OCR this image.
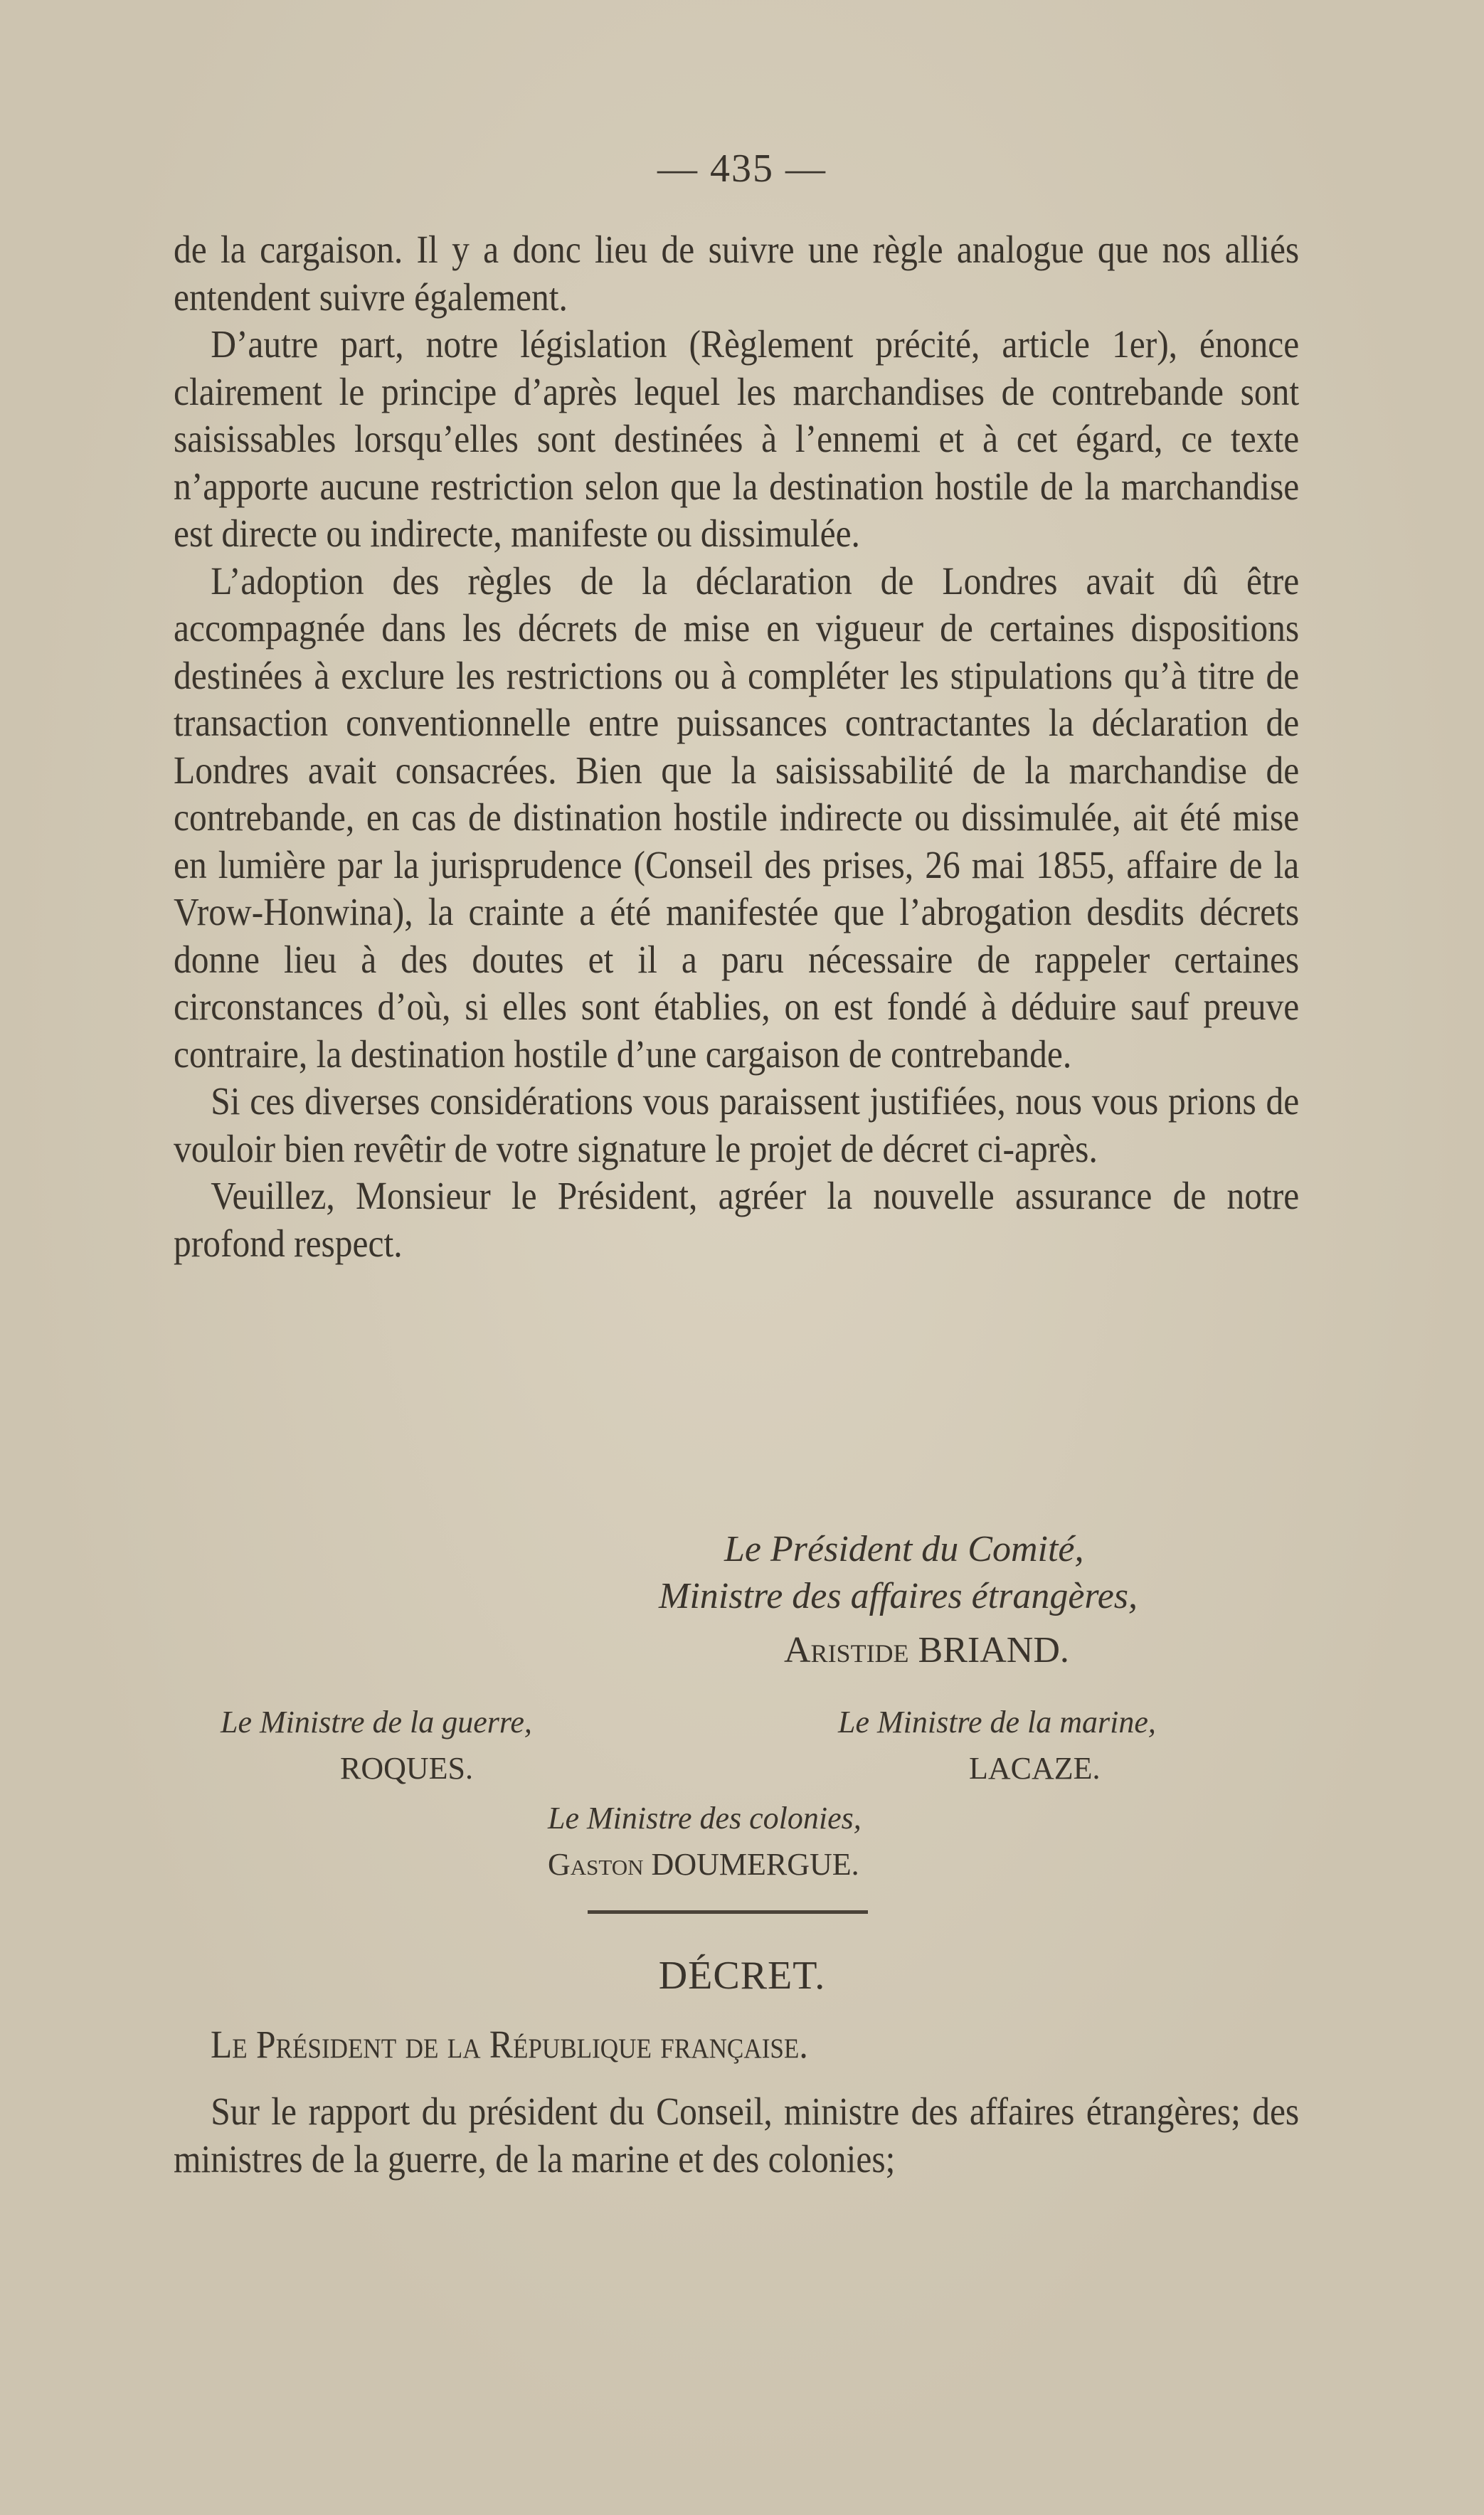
— 435 —

de la cargaison. Il y a donc lieu de suivre une règle analogue que nos alliés entendent suivre également.

D’autre part, notre législation (Règlement précité, article 1er), énonce clairement le principe d’après lequel les marchandises de contrebande sont saisissables lorsqu’elles sont destinées à l’ennemi et à cet égard, ce texte n’apporte aucune restriction selon que la destination hostile de la marchandise est directe ou indirecte, manifeste ou dissimulée.

L’adoption des règles de la déclaration de Londres avait dû être accompagnée dans les décrets de mise en vigueur de certaines dispositions destinées à exclure les restrictions ou à compléter les stipulations qu’à titre de transaction conventionnelle entre puissances contractantes la déclaration de Londres avait consacrées. Bien que la saisissabilité de la marchandise de contrebande, en cas de distination hostile indirecte ou dissimulée, ait été mise en lumière par la jurisprudence (Conseil des prises, 26 mai 1855, affaire de la Vrow-Honwina), la crainte a été manifestée que l’abrogation desdits décrets donne lieu à des doutes et il a paru nécessaire de rappeler certaines circonstances d’où, si elles sont établies, on est fondé à déduire sauf preuve contraire, la destination hostile d’une cargaison de contrebande.

Si ces diverses considérations vous paraissent justifiées, nous vous prions de vouloir bien revêtir de votre signature le projet de décret ci-après.

Veuillez, Monsieur le Président, agréer la nouvelle assurance de notre profond respect.

Le Président du Comité,
Ministre des affaires étrangères,
Aristide BRIAND.
Le Ministre de la guerre,
ROQUES.
Le Ministre de la marine,
LACAZE.
Le Ministre des colonies,
Gaston DOUMERGUE.
DÉCRET.
Le Président de la République française.

Sur le rapport du président du Conseil, ministre des affaires étrangères; des ministres de la guerre, de la marine et des colonies;
